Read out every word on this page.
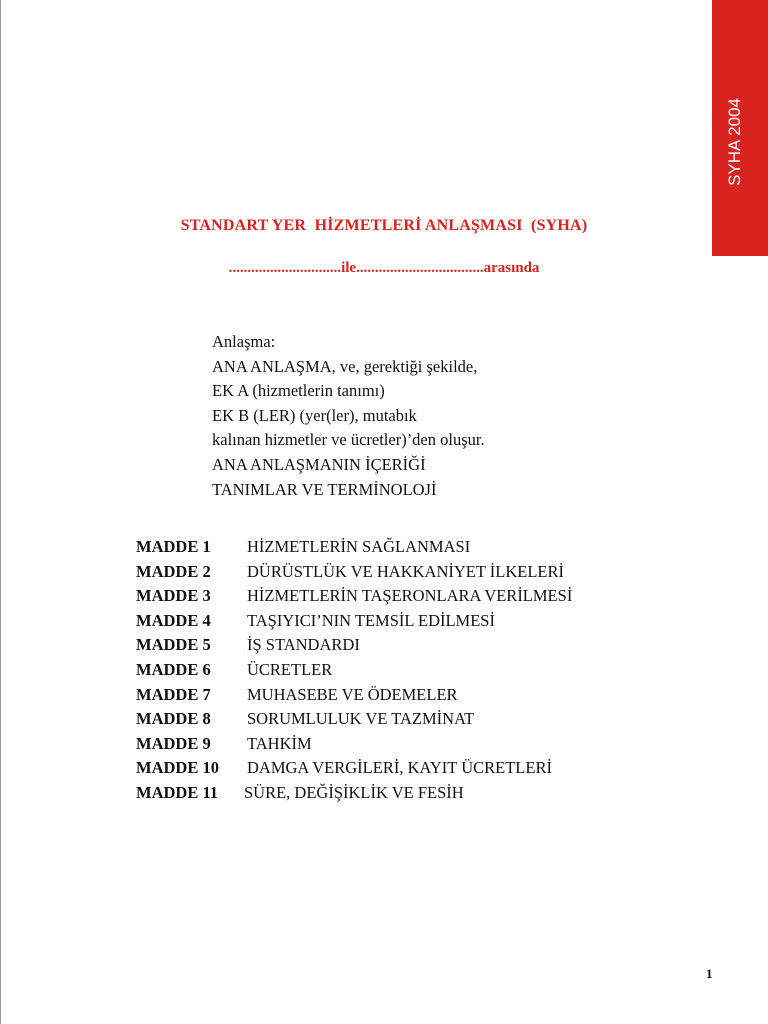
SYHA 2004
STANDART YER  HİZMETLERİ ANLAŞMASI  (SYHA)
..............................ile..................................arasında
Anlaşma:
ANA ANLAŞMA, ve, gerektiği şekilde,
EK A (hizmetlerin tanımı)
EK B (LER) (yer(ler), mutabık
kalınan hizmetler ve ücretler)’den oluşur.
ANA ANLAŞMANIN İÇERİĞİ
TANIMLAR VE TERMİNOLOJİ
MADDE 1 HİZMETLERİN SAĞLANMASI
MADDE 2 DÜRÜSTLÜK VE HAKKANİYET İLKELERİ
MADDE 3 HİZMETLERİN TAŞERONLARA VERİLMESİ
MADDE 4 TAŞIYICI’NIN TEMSİL EDİLMESİ
MADDE 5 İŞ STANDARDI
MADDE 6 ÜCRETLER
MADDE 7 MUHASEBE VE ÖDEMELER
MADDE 8 SORUMLULUK VE TAZMİNAT
MADDE 9 TAHKİM
MADDE 10 DAMGA VERGİLERİ, KAYIT ÜCRETLERİ
MADDE 11 SÜRE, DEĞİŞİKLİK VE FESİH
1
